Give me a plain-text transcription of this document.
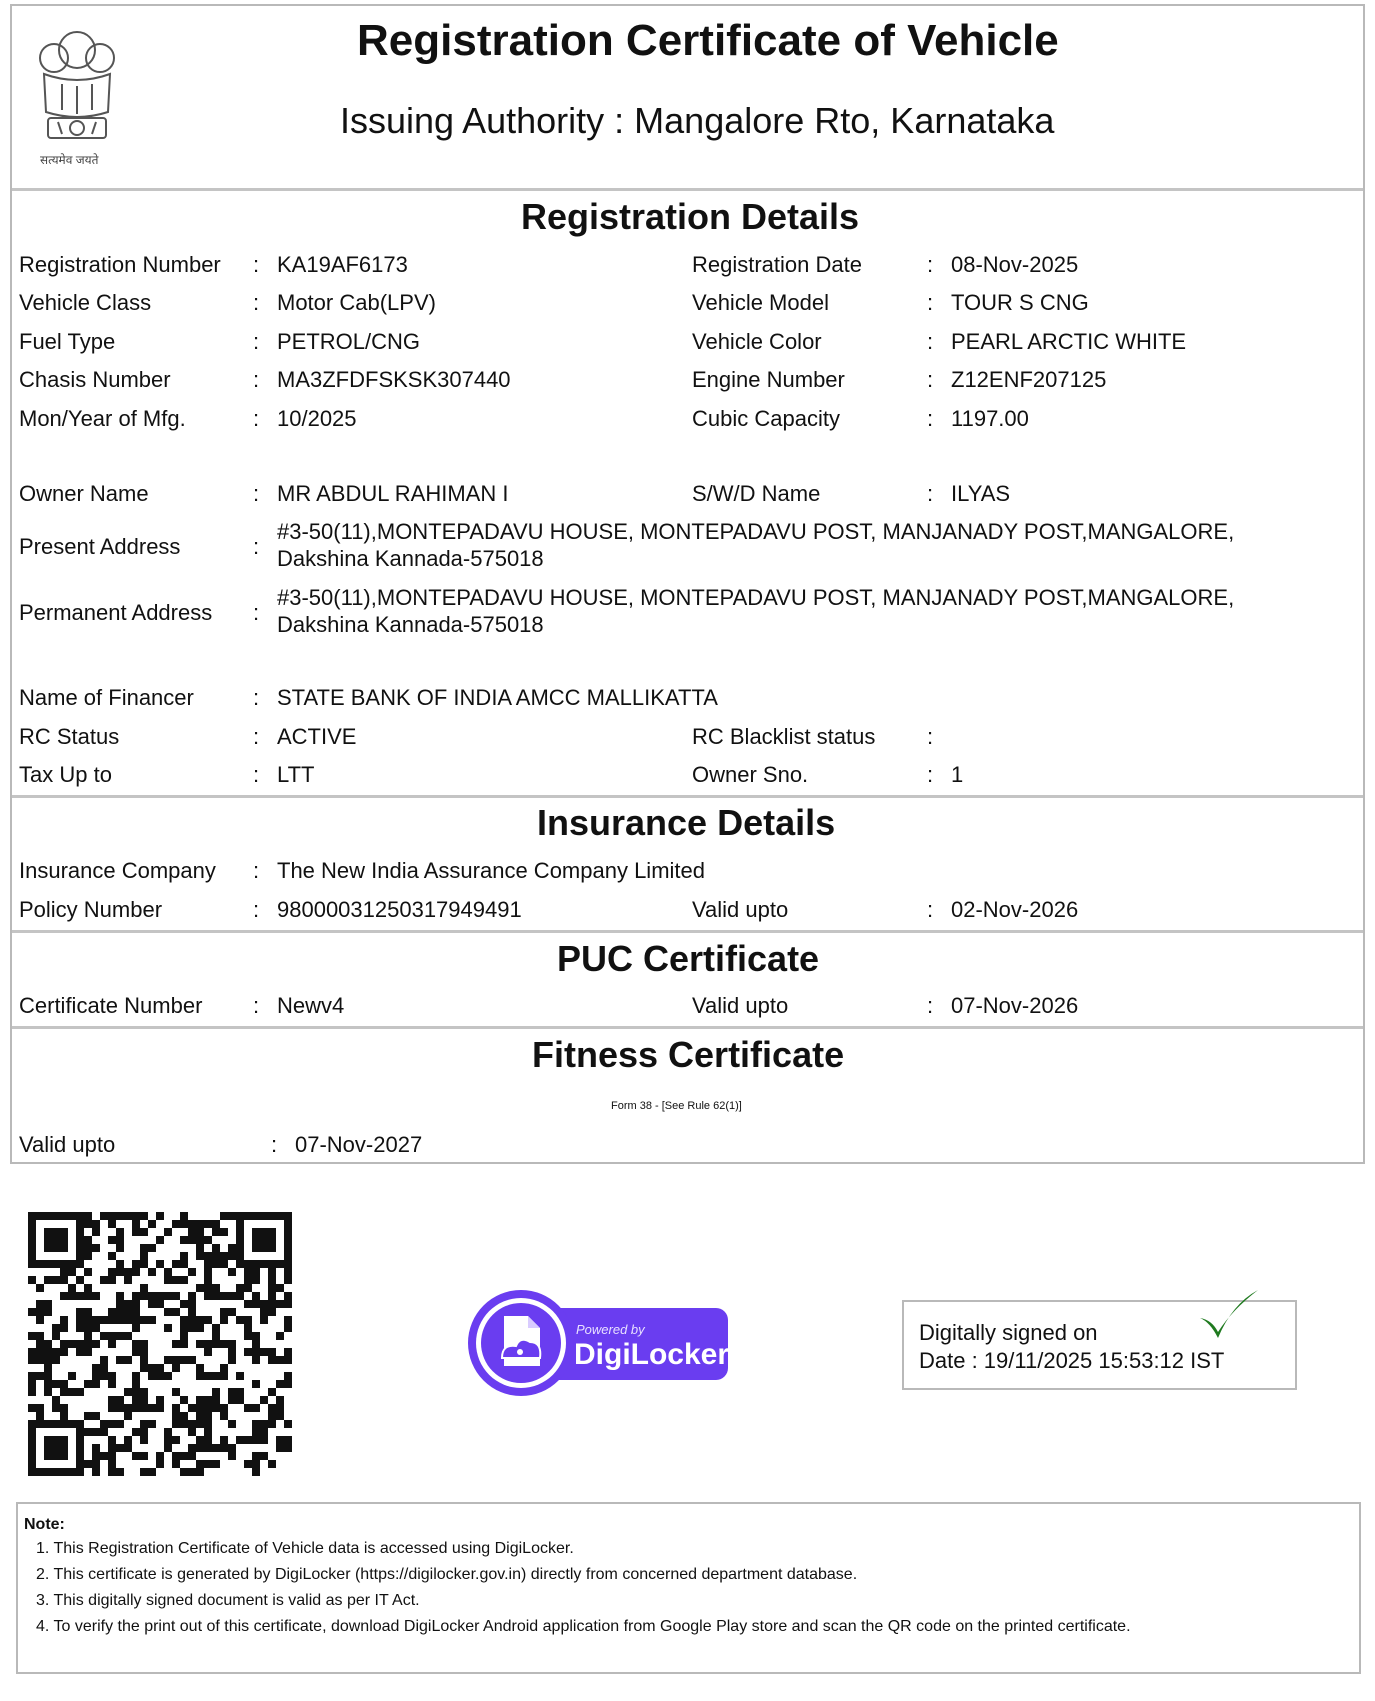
सत्यमेव जयते
Registration Certificate of Vehicle
Issuing Authority : Mangalore Rto, Karnataka
Registration Details
Registration Number : KA19AF6173	Registration Date	: 08-Nov-2025
Vehicle Class	: Motor Cab(LPV)	Vehicle Model	: TOUR S CNG
Fuel Type	: PETROL/CNG	Vehicle Color	: PEARL ARCTIC WHITE
Chasis Number	: MA3ZFDFSKSK307440	Engine Number	: Z12ENF207125
Mon/Year of Mfg.	: 10/2025	Cubic Capacity	: 1197.00
Owner Name	: MR ABDUL RAHIMAN I	S/W/D Name	: ILYAS
Present Address	:
#3-50(11),MONTEPADAVU HOUSE, MONTEPADAVU POST, MANJANADY POST,MANGALORE,
Dakshina Kannada-575018
Permanent Address :
#3-50(11),MONTEPADAVU HOUSE, MONTEPADAVU POST, MANJANADY POST,MANGALORE,
Dakshina Kannada-575018
Name of Financer	: STATE BANK OF INDIA AMCC MALLIKATTA
RC Status	: ACTIVE	RC Blacklist status :
Tax Up to	: LTT	Owner Sno.	: 1
Insurance Details
Insurance Company : The New India Assurance Company Limited
Policy Number	: 98000031250317949491	Valid upto	: 02-Nov-2026
PUC Certificate
Certificate Number : Newv4	Valid upto	: 07-Nov-2026
Fitness Certificate
Form 38 - [See Rule 62(1)]
Valid upto	: 07-Nov-2027
Powered by
DigiLocker
Digitally signed on
Date : 19/11/2025 15:53:12 IST
Note:
1. This Registration Certificate of Vehicle data is accessed using DigiLocker.
2. This certificate is generated by DigiLocker (https://digilocker.gov.in) directly from concerned department database.
3. This digitally signed document is valid as per IT Act.
4. To verify the print out of this certificate, download DigiLocker Android application from Google Play store and scan the QR code on the printed certificate.
